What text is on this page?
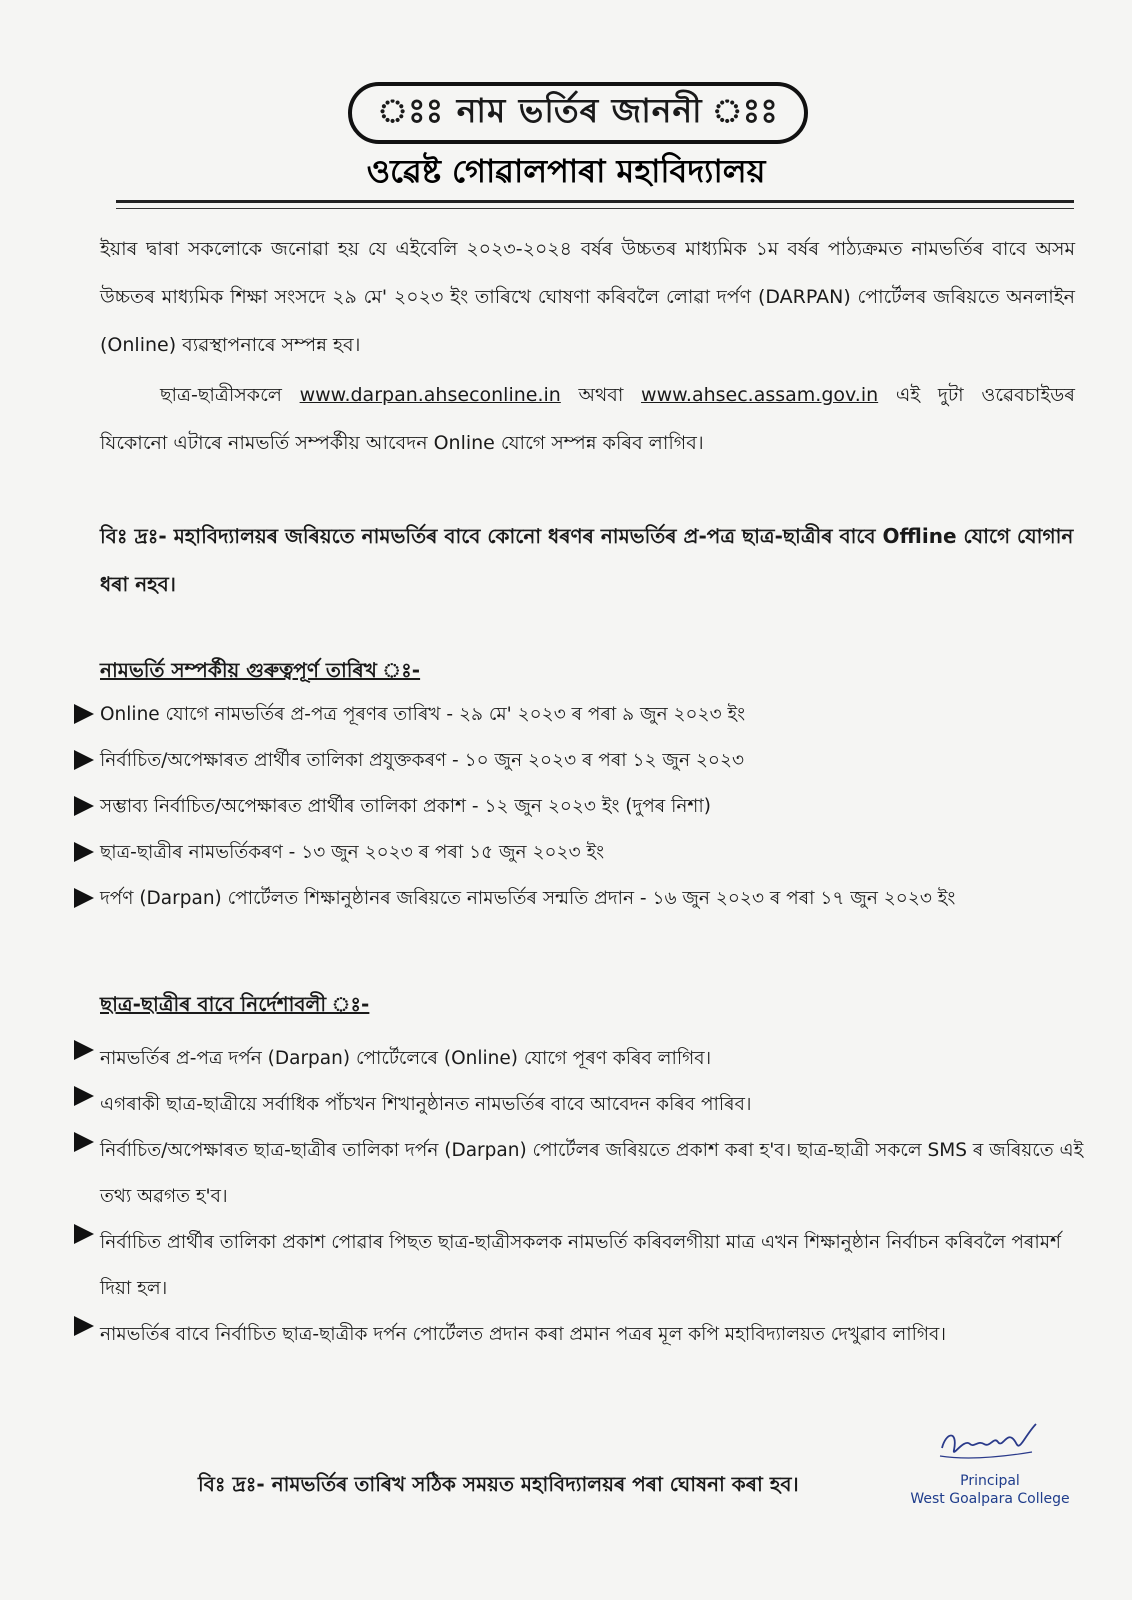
ঃঃ নাম ভৰ্তিৰ জাননী ঃঃ
ওৱেষ্ট গোৱালপাৰা মহাবিদ্যালয়
ইয়াৰ দ্বাৰা সকলোকে জনোৱা হয় যে এইবেলি ২০২৩-২০২৪ বৰ্ষৰ উচ্চতৰ মাধ্যমিক ১ম বৰ্ষৰ পাঠ্যক্ৰমত নামভৰ্তিৰ বাবে অসম উচ্চতৰ মাধ্যমিক শিক্ষা সংসদে ২৯ মে' ২০২৩ ইং তাৰিখে ঘোষণা কৰিবলৈ লোৱা দৰ্পণ (DARPAN) পোৰ্টেলৰ জৰিয়তে অনলাইন (Online) ব্যৱস্থাপনাৰে সম্পন্ন হব।
ছাত্ৰ-ছাত্ৰীসকলে www.darpan.ahseconline.in অথবা www.ahsec.assam.gov.in এই দুটা ওৱেবচাইডৰ যিকোনো এটাৰে নামভৰ্তি সম্পৰ্কীয় আবেদন Online যোগে সম্পন্ন কৰিব লাগিব।
বিঃ দ্ৰঃ- মহাবিদ্যালয়ৰ জৰিয়তে নামভৰ্তিৰ বাবে কোনো ধৰণৰ নামভৰ্তিৰ প্ৰ-পত্ৰ ছাত্ৰ-ছাত্ৰীৰ বাবে Offline যোগে যোগান ধৰা নহব।
নামভৰ্তি সম্পৰ্কীয় গুৰুত্বপূৰ্ণ তাৰিখ ঃ-
Online যোগে নামভৰ্তিৰ প্ৰ-পত্ৰ পূৰণৰ তাৰিখ - ২৯ মে' ২০২৩ ৰ পৰা ৯ জুন ২০২৩ ইং
নিৰ্বাচিত/অপেক্ষাৰত প্ৰাৰ্থীৰ তালিকা প্ৰযুক্তকৰণ - ১০ জুন ২০২৩ ৰ পৰা ১২ জুন ২০২৩
সম্ভাব্য নিৰ্বাচিত/অপেক্ষাৰত প্ৰাৰ্থীৰ তালিকা প্ৰকাশ - ১২ জুন ২০২৩ ইং (দুপৰ নিশা)
ছাত্ৰ-ছাত্ৰীৰ নামভৰ্তিকৰণ - ১৩ জুন ২০২৩ ৰ পৰা ১৫ জুন ২০২৩ ইং
দৰ্পণ (Darpan) পোৰ্টেলত শিক্ষানুষ্ঠানৰ জৰিয়তে নামভৰ্তিৰ সন্মতি প্ৰদান - ১৬ জুন ২০২৩ ৰ পৰা ১৭ জুন ২০২৩ ইং
ছাত্ৰ-ছাত্ৰীৰ বাবে নিৰ্দেশাবলী ঃ-
নামভৰ্তিৰ প্ৰ-পত্ৰ দৰ্পন (Darpan) পোৰ্টেলেৰে (Online) যোগে পূৰণ কৰিব লাগিব।
এগৰাকী ছাত্ৰ-ছাত্ৰীয়ে সৰ্বাধিক পাঁচখন শিখানুষ্ঠানত নামভৰ্তিৰ বাবে আবেদন কৰিব পাৰিব।
নিৰ্বাচিত/অপেক্ষাৰত ছাত্ৰ-ছাত্ৰীৰ তালিকা দৰ্পন (Darpan) পোৰ্টেলৰ জৰিয়তে প্ৰকাশ কৰা হ'ব। ছাত্ৰ-ছাত্ৰী সকলে SMS ৰ জৰিয়তে এই তথ্য অৱগত হ'ব।
নিৰ্বাচিত প্ৰাৰ্থীৰ তালিকা প্ৰকাশ পোৱাৰ পিছত ছাত্ৰ-ছাত্ৰীসকলক নামভৰ্তি কৰিবলগীয়া মাত্ৰ এখন শিক্ষানুষ্ঠান নিৰ্বাচন কৰিবলৈ পৰামৰ্শ দিয়া হল।
নামভৰ্তিৰ বাবে নিৰ্বাচিত ছাত্ৰ-ছাত্ৰীক দৰ্পন পোৰ্টেলত প্ৰদান কৰা প্ৰমান পত্ৰৰ মূল কপি মহাবিদ্যালয়ত দেখুৱাব লাগিব।
বিঃ দ্ৰঃ- নামভৰ্তিৰ তাৰিখ সঠিক সময়ত মহাবিদ্যালয়ৰ পৰা ঘোষনা কৰা হব।	Principal
West Goalpara College
